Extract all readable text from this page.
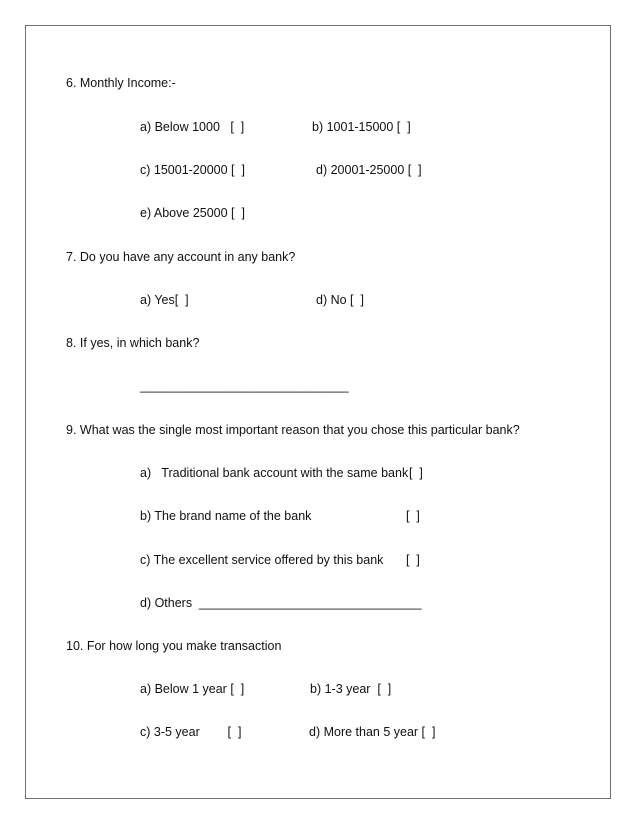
6. Monthly Income:-
a) Below 1000   [  ]	b) 1001-15000 [  ]
c) 15001-20000 [  ]	d) 20001-25000 [  ]
e) Above 25000 [  ]
7. Do you have any account in any bank?
a) Yes[  ]	d) No [  ]
8. If yes, in which bank?
______________________________
9. What was the single most important reason that you chose this particular bank?
a)   Traditional bank account with the same bank [  ]
b) The brand name of the bank	[  ]
c) The excellent service offered by this bank [  ]
d) Others ________________________________
10. For how long you make transaction
a) Below 1 year [  ]	b) 1-3 year  [  ]
c) 3-5 year        [  ]	d) More than 5 year [  ]
